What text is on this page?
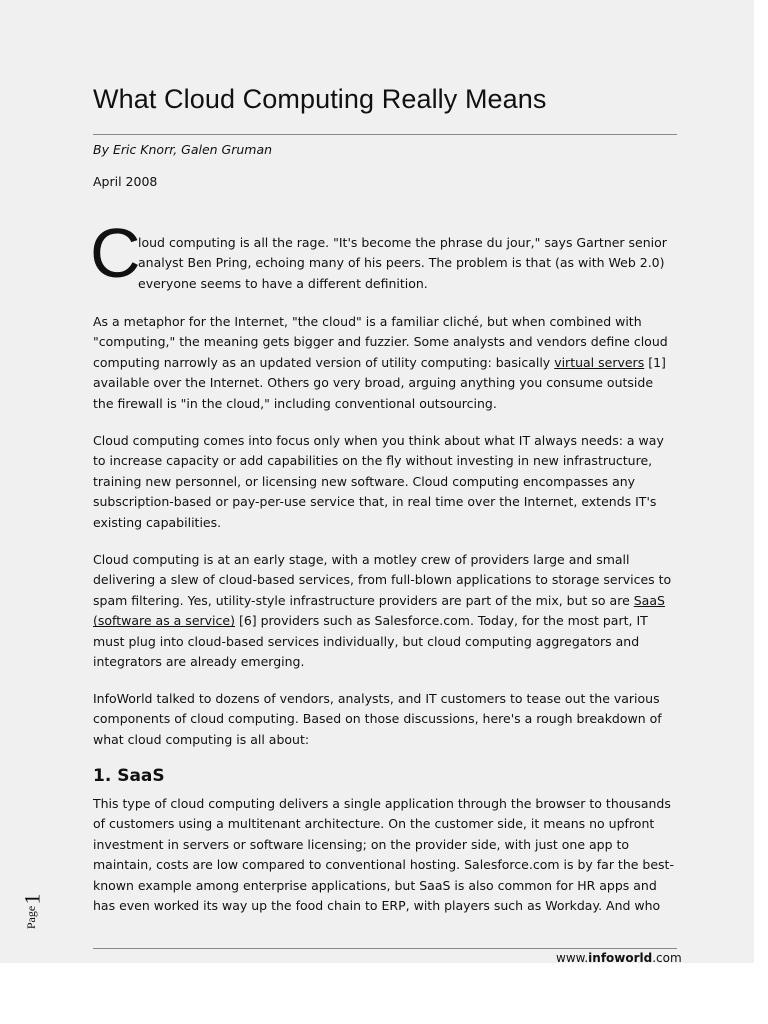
What Cloud Computing Really Means
By Eric Knorr, Galen Gruman
April 2008
C

loud computing is all the rage. "It's become the phrase du jour," says Gartner senior analyst Ben Pring, echoing many of his peers. The problem is that (as with Web 2.0) everyone seems to have a different definition.

As a metaphor for the Internet, "the cloud" is a familiar cliché, but when combined with "computing," the meaning gets bigger and fuzzier. Some analysts and vendors define cloud computing narrowly as an updated version of utility computing: basically virtual servers [1] available over the Internet. Others go very broad, arguing anything you consume outside the firewall is "in the cloud," including conventional outsourcing.

Cloud computing comes into focus only when you think about what IT always needs: a way to increase capacity or add capabilities on the fly without investing in new infrastructure, training new personnel, or licensing new software. Cloud computing encompasses any subscription-based or pay-per-use service that, in real time over the Internet, extends IT's existing capabilities.

Cloud computing is at an early stage, with a motley crew of providers large and small delivering a slew of cloud-based services, from full-blown applications to storage services to spam filtering. Yes, utility-style infrastructure providers are part of the mix, but so are SaaS (software as a service) [6] providers such as Salesforce.com. Today, for the most part, IT must plug into cloud-based services individually, but cloud computing aggregators and integrators are already emerging.

InfoWorld talked to dozens of vendors, analysts, and IT customers to tease out the various components of cloud computing. Based on those discussions, here's a rough breakdown of what cloud computing is all about:

1. SaaS

This type of cloud computing delivers a single application through the browser to thousands of customers using a multitenant architecture. On the customer side, it means no upfront investment in servers or software licensing; on the provider side, with just one app to maintain, costs are low compared to conventional hosting. Salesforce.com is by far the best-known example among enterprise applications, but SaaS is also common for HR apps and has even worked its way up the food chain to ERP, with players such as Workday. And who

Page
1
www.infoworld.com
